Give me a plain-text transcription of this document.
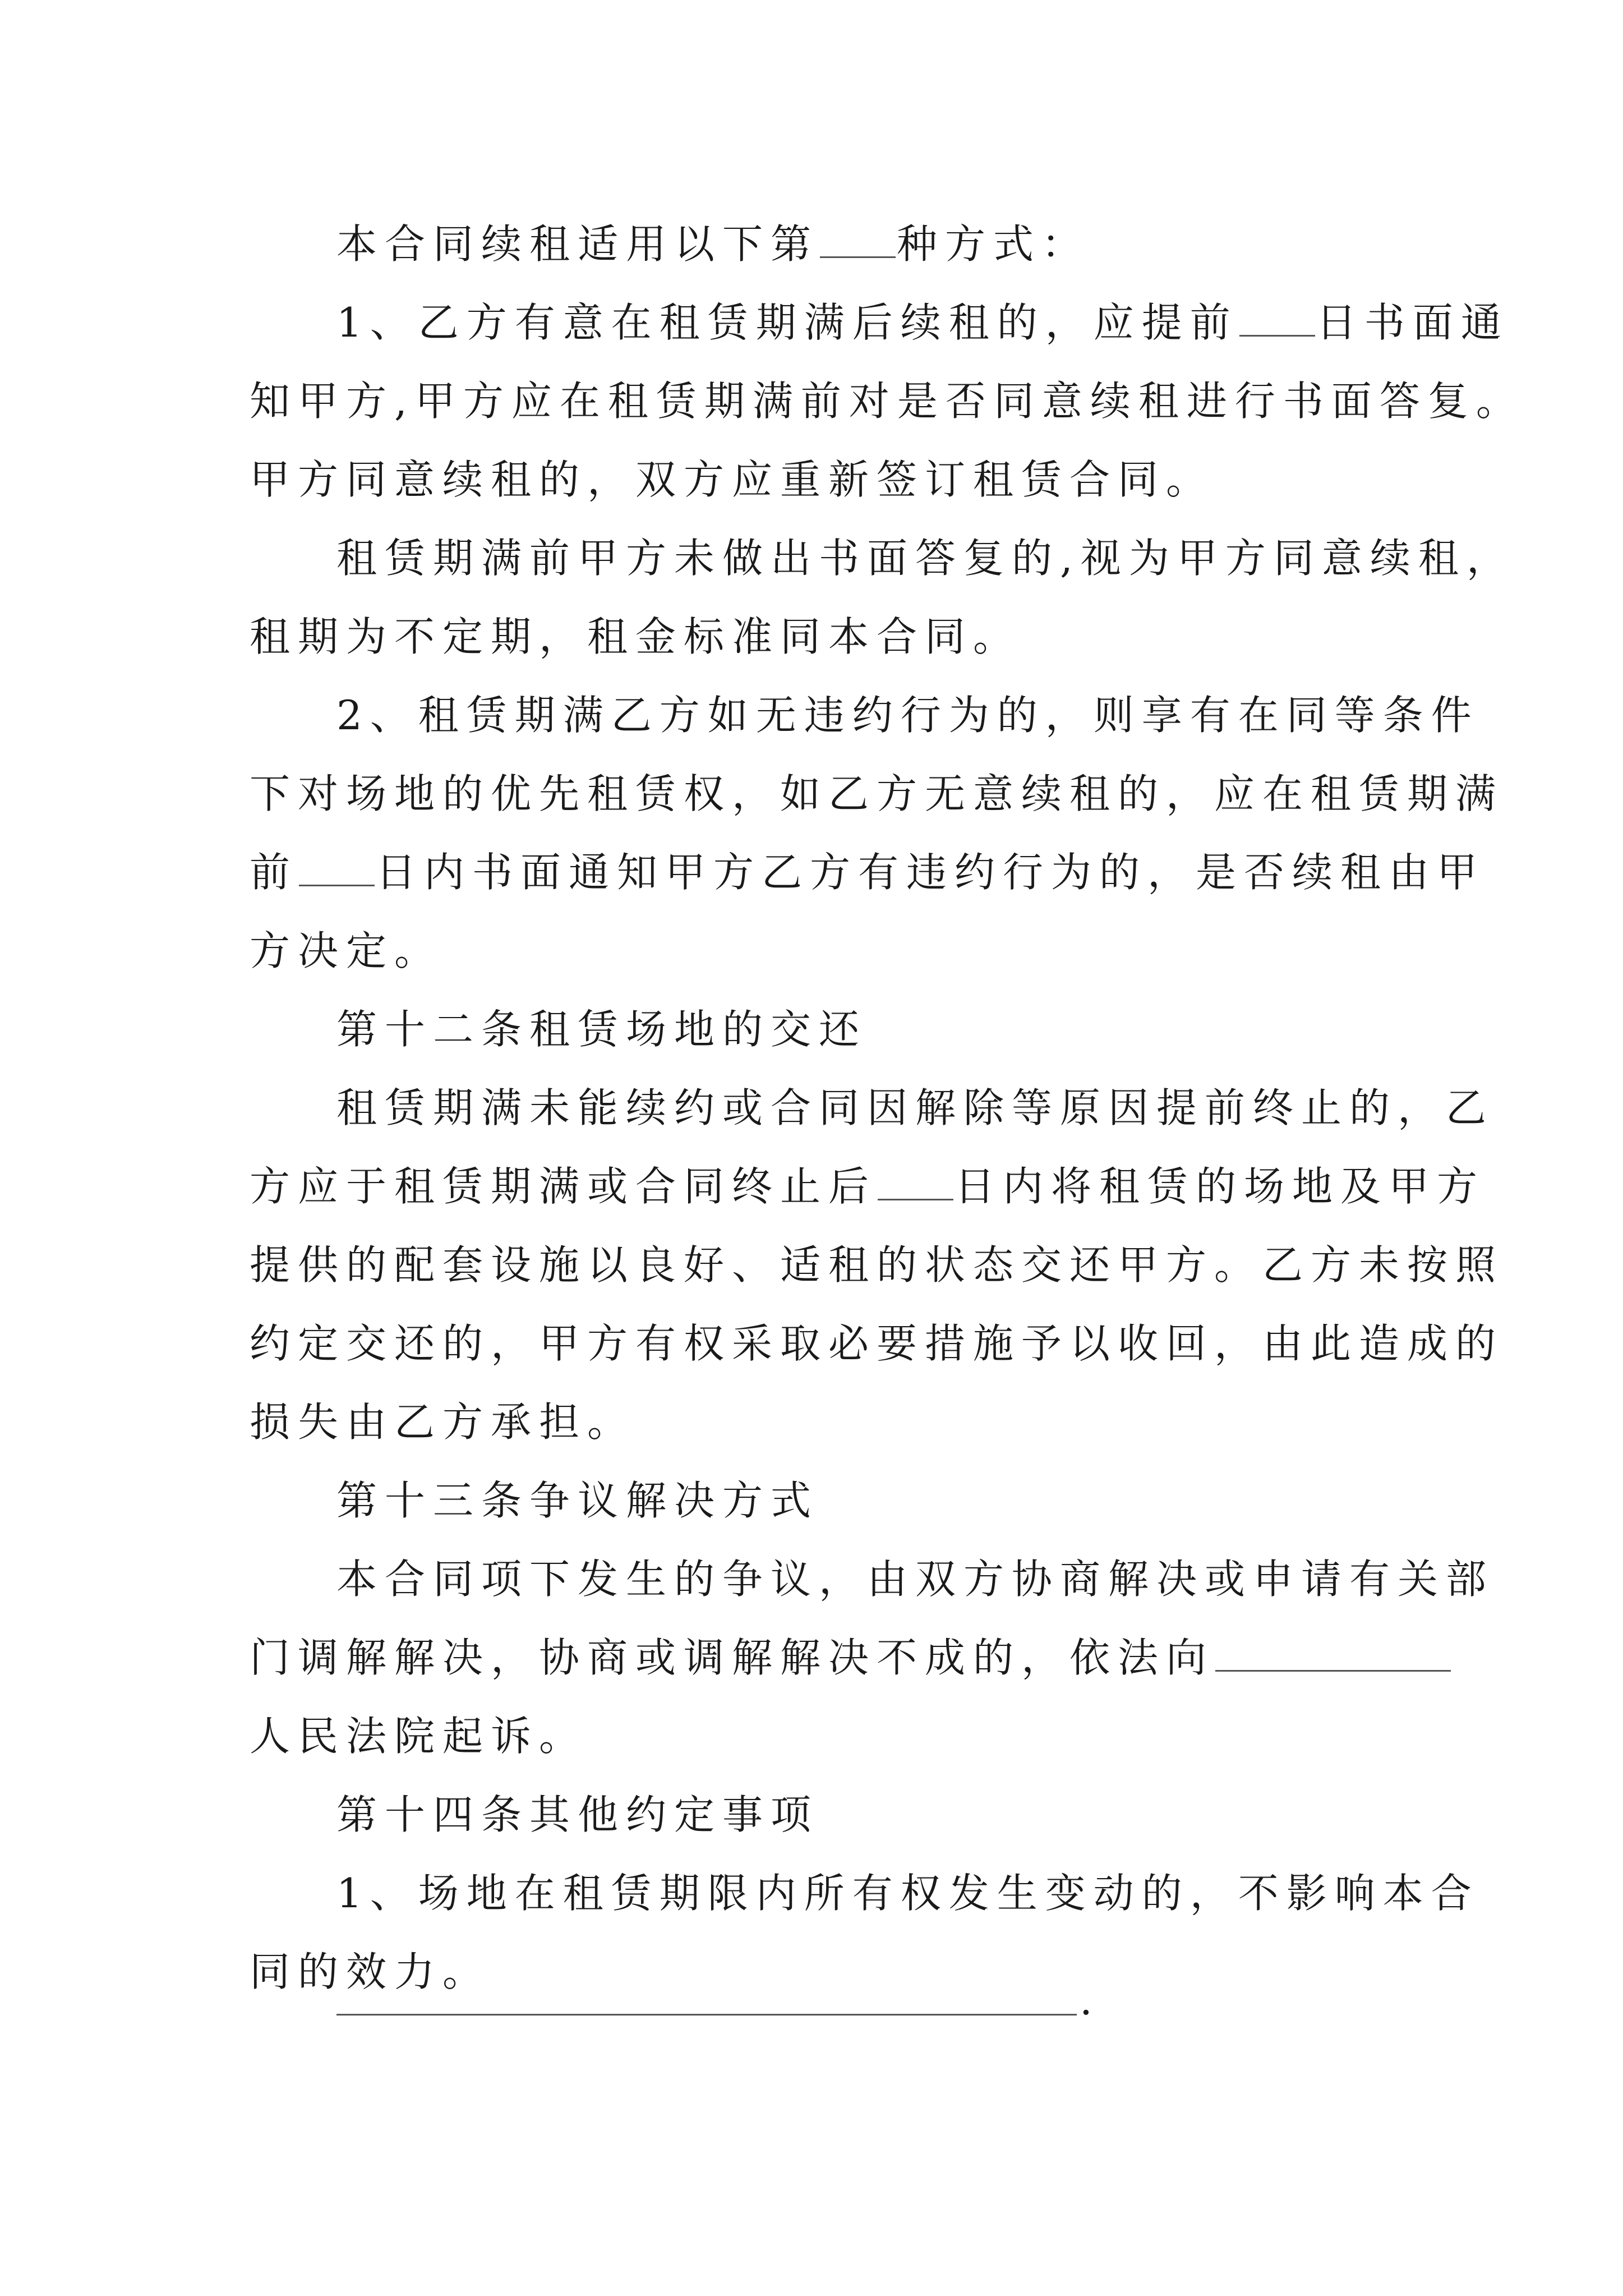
本合同续租适用以下第 种方式：
1、乙方有意在租赁期满后续租的，应提前 日书面通
知甲方,甲方应在租赁期满前对是否同意续租进行书面答复。
甲方同意续租的，双方应重新签订租赁合同。
租赁期满前甲方未做出书面答复的,视为甲方同意续租，
租期为不定期，租金标准同本合同。
2、租赁期满乙方如无违约行为的，则享有在同等条件
下对场地的优先租赁权，如乙方无意续租的，应在租赁期满
前 日内书面通知甲方乙方有违约行为的，是否续租由甲
方决定。
第十二条租赁场地的交还
租赁期满未能续约或合同因解除等原因提前终止的，乙
方应于租赁期满或合同终止后 日内将租赁的场地及甲方
提供的配套设施以良好、适租的状态交还甲方。乙方未按照
约定交还的，甲方有权采取必要措施予以收回，由此造成的
损失由乙方承担。
第十三条争议解决方式
本合同项下发生的争议，由双方协商解决或申请有关部
门调解解决，协商或调解解决不成的，依法向
人民法院起诉。
第十四条其他约定事项
1、场地在租赁期限内所有权发生变动的，不影响本合
同的效力。
.
